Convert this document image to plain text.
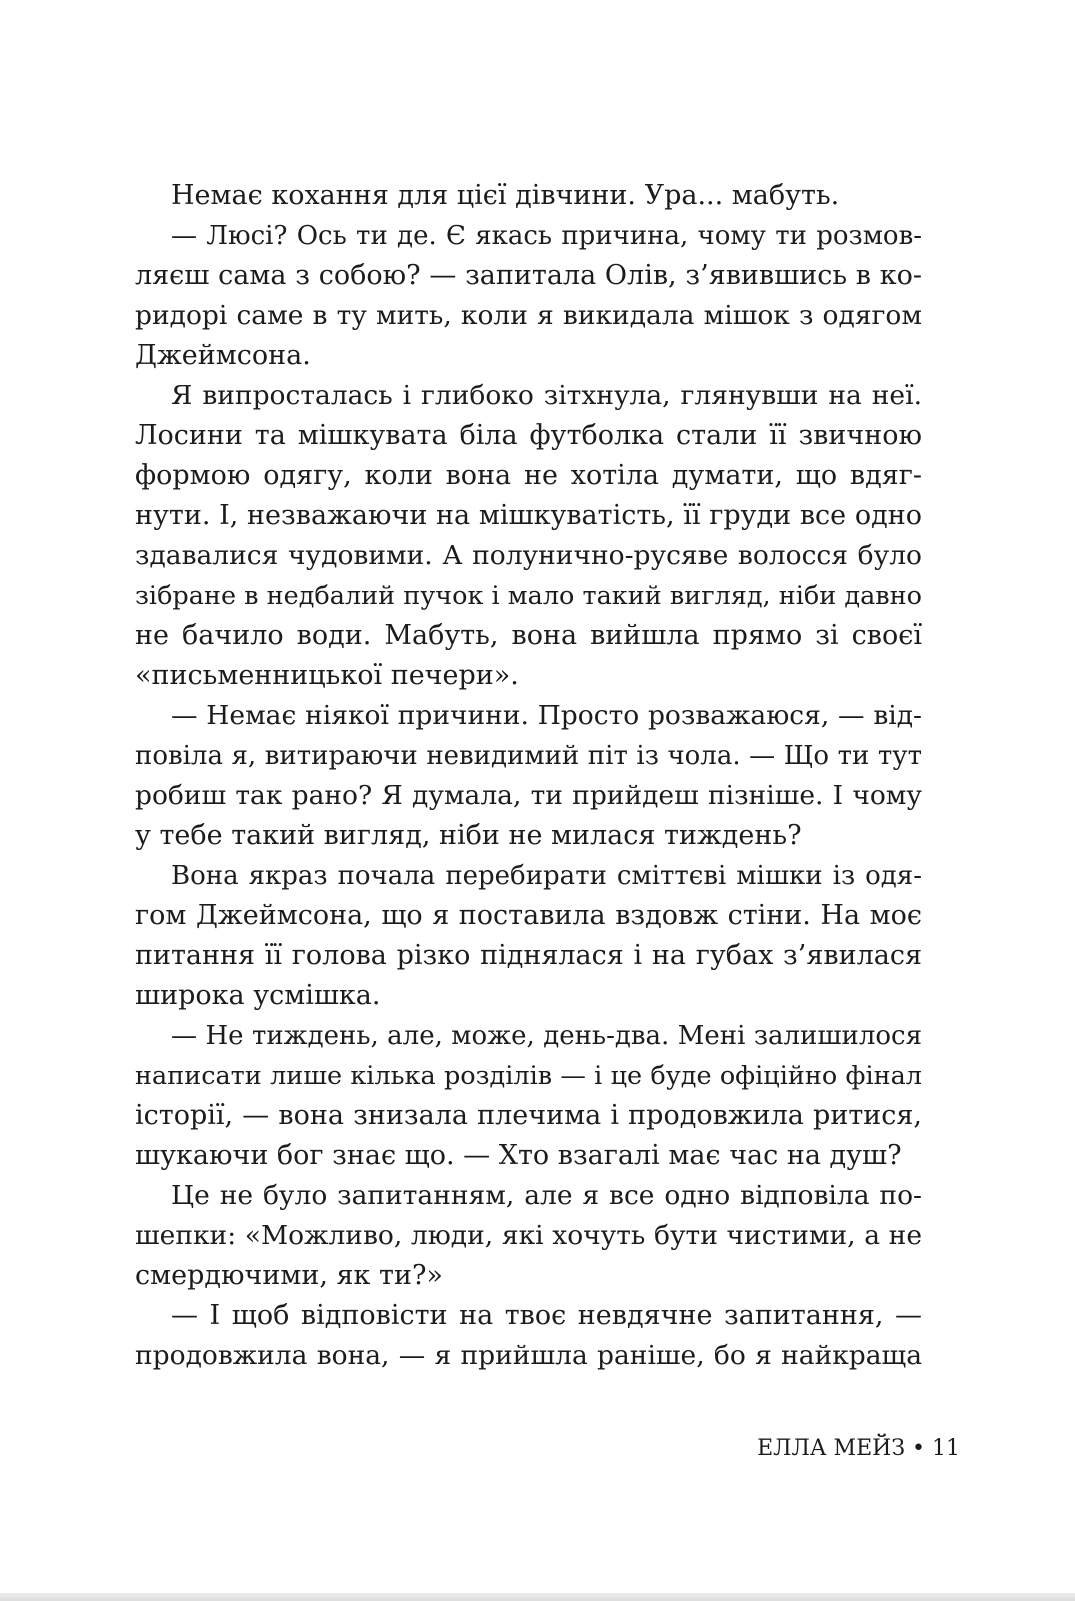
Немає кохання для цієї дівчини. Ура... мабуть.
— Люсі? Ось ти де. Є якась причина, чому ти розмов-
ляєш сама з собою? — запитала Олів, з’явившись в ко-
ридорі саме в ту мить, коли я викидала мішок з одягом
Джеймсона.
Я випросталась і глибоко зітхнула, глянувши на неї.
Лосини та мішкувата біла футболка стали її звичною
формою одягу, коли вона не хотіла думати, що вдяг-
нути. І, незважаючи на мішкуватість, її груди все одно
здавалися чудовими. А полунично-русяве волосся було
зібране в недбалий пучок і мало такий вигляд, ніби давно
не бачило води. Мабуть, вона вийшла прямо зі своєї
«письменницької печери».
— Немає ніякої причини. Просто розважаюся, — від-
повіла я, витираючи невидимий піт із чола. — Що ти тут
робиш так рано? Я думала, ти прийдеш пізніше. І чому
у тебе такий вигляд, ніби не милася тиждень?
Вона якраз почала перебирати сміттєві мішки із одя-
гом Джеймсона, що я поставила вздовж стіни. На моє
питання її голова різко піднялася і на губах з’явилася
широка усмішка.
— Не тиждень, але, може, день-два. Мені залишилося
написати лише кілька розділів — і це буде офіційно фінал
історії, — вона знизала плечима і продовжила ритися,
шукаючи бог знає що. — Хто взагалі має час на душ?
Це не було запитанням, але я все одно відповіла по-
шепки: «Можливо, люди, які хочуть бути чистими, а не
смердючими, як ти?»
— І щоб відповісти на твоє невдячне запитання, —
продовжила вона, — я прийшла раніше, бо я найкраща
ЕЛЛА МЕЙЗ • 11
